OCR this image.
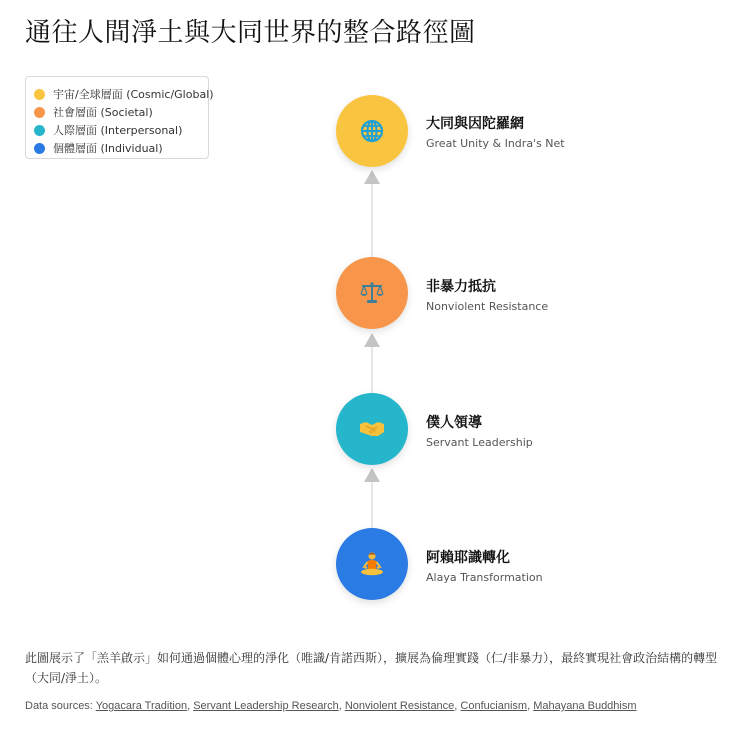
通往人間淨土與大同世界的整合路徑圖
宇宙/全球層面 (Cosmic/Global)
社會層面 (Societal)
人際層面 (Interpersonal)
個體層面 (Individual)
大同與因陀羅網
Great Unity & Indra's Net
非暴力抵抗
Nonviolent Resistance
僕人領導
Servant Leadership
阿賴耶識轉化
Alaya Transformation
此圖展示了「羔羊啟示」如何通過個體心理的淨化（唯識/肯諾西斯），擴展為倫理實踐（仁/非暴力），最終實現社會政治結構的轉型（大同/淨土）。
Data sources: Yogacara Tradition, Servant Leadership Research, Nonviolent Resistance, Confucianism, Mahayana Buddhism
